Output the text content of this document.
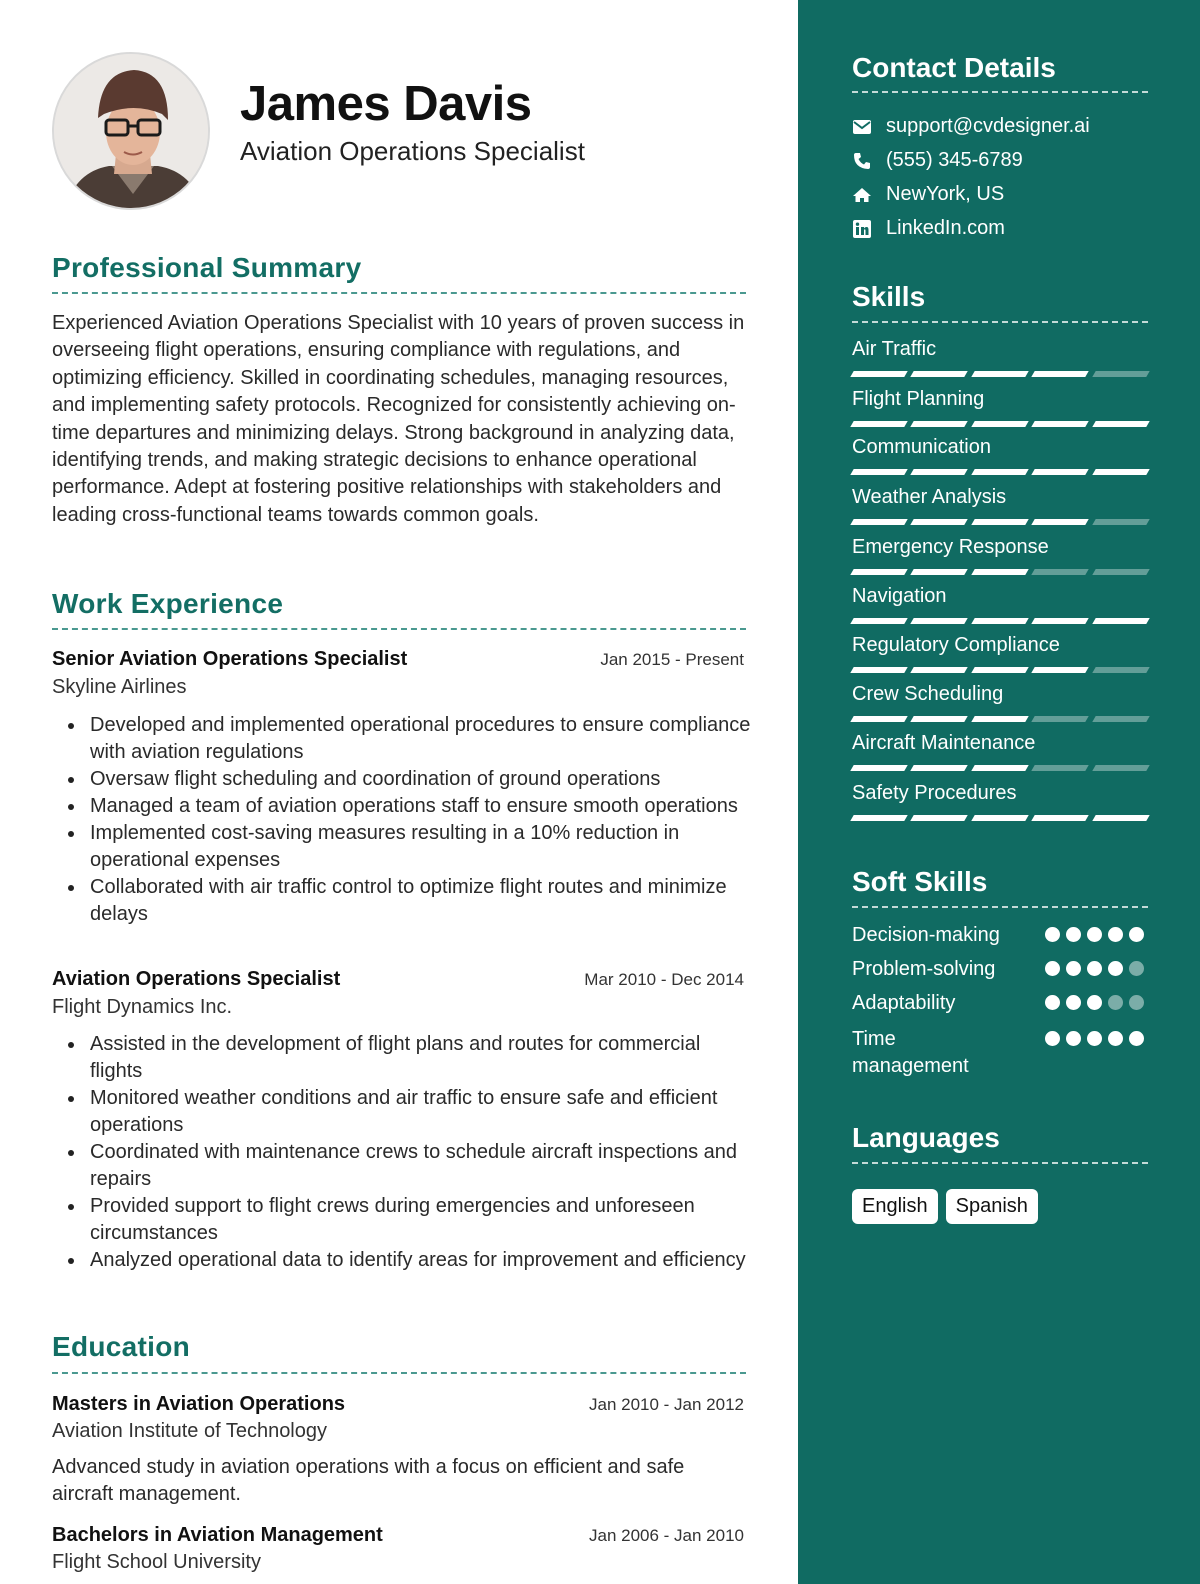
James Davis
Aviation Operations Specialist
Professional Summary
Experienced Aviation Operations Specialist with 10 years of proven success in overseeing flight operations, ensuring compliance with regulations, and optimizing efficiency. Skilled in coordinating schedules, managing resources, and implementing safety protocols. Recognized for consistently achieving on-time departures and minimizing delays. Strong background in analyzing data, identifying trends, and making strategic decisions to enhance operational performance. Adept at fostering positive relationships with stakeholders and leading cross-functional teams towards common goals.
Work Experience
Senior Aviation Operations Specialist	Jan 2015 - Present
Skyline Airlines
Developed and implemented operational procedures to ensure compliance with aviation regulations
Oversaw flight scheduling and coordination of ground operations
Managed a team of aviation operations staff to ensure smooth operations
Implemented cost-saving measures resulting in a 10% reduction in operational expenses
Collaborated with air traffic control to optimize flight routes and minimize delays
Aviation Operations Specialist	Mar 2010 - Dec 2014
Flight Dynamics Inc.
Assisted in the development of flight plans and routes for commercial flights
Monitored weather conditions and air traffic to ensure safe and efficient operations
Coordinated with maintenance crews to schedule aircraft inspections and repairs
Provided support to flight crews during emergencies and unforeseen circumstances
Analyzed operational data to identify areas for improvement and efficiency
Education
Masters in Aviation Operations	Jan 2010 - Jan 2012
Aviation Institute of Technology
Advanced study in aviation operations with a focus on efficient and safe aircraft management.
Bachelors in Aviation Management	Jan 2006 - Jan 2010
Flight School University
Contact Details
support@cvdesigner.ai
(555) 345-6789
NewYork, US
LinkedIn.com
Skills
Air Traffic
Flight Planning
Communication
Weather Analysis
Emergency Response
Navigation
Regulatory Compliance
Crew Scheduling
Aircraft Maintenance
Safety Procedures
Soft Skills
Decision-making
Problem-solving
Adaptability
Time management
Languages
English	Spanish
